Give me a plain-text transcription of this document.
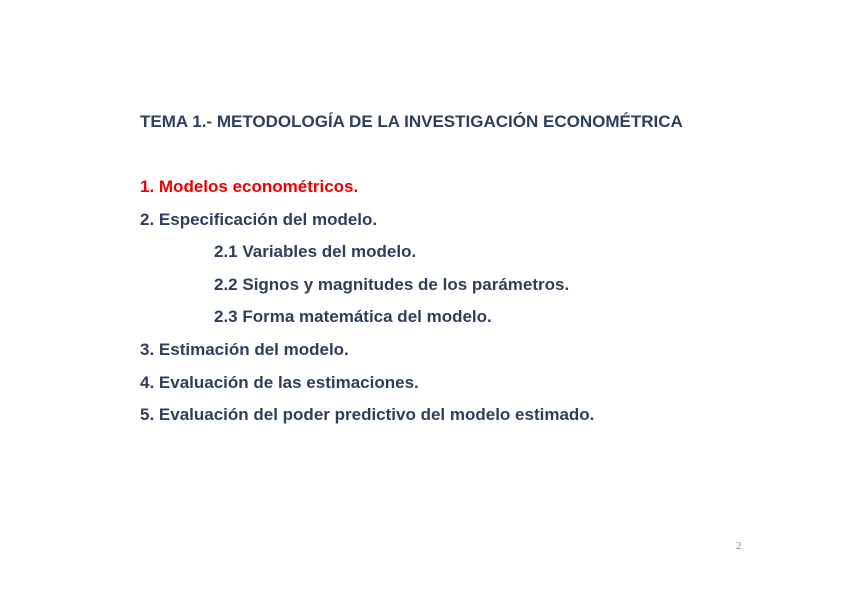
TEMA 1.- METODOLOGÍA DE LA INVESTIGACIÓN ECONOMÉTRICA
1. Modelos econométricos.
2. Especificación del modelo.
2.1 Variables del modelo.
2.2 Signos y magnitudes de los parámetros.
2.3 Forma matemática del modelo.
3. Estimación del modelo.
4. Evaluación de las estimaciones.
5. Evaluación del poder predictivo del modelo estimado.
2
